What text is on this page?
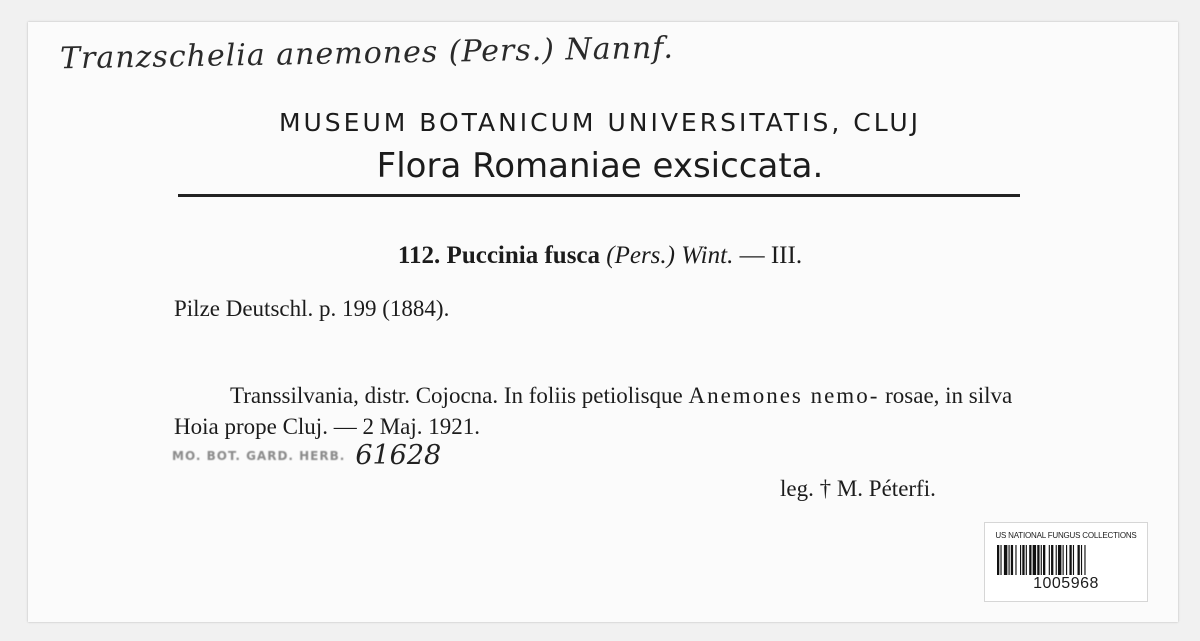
Tranzschelia anemones (Pers.) Nannf.
MUSEUM BOTANICUM UNIVERSITATIS, CLUJ
Flora Romaniae exsiccata.
112. Puccinia fusca (Pers.) Wint. — III.
Pilze Deutschl. p. 199 (1884).
Transsilvania, distr. Cojocna. In foliis petiolisque Anemones nemo- rosae, in silva Hoia prope Cluj. — 2 Maj. 1921.
MO. BOT. GARD. HERB. 61628
leg. † M. Péterfi.
US NATIONAL FUNGUS COLLECTIONS
1005968
